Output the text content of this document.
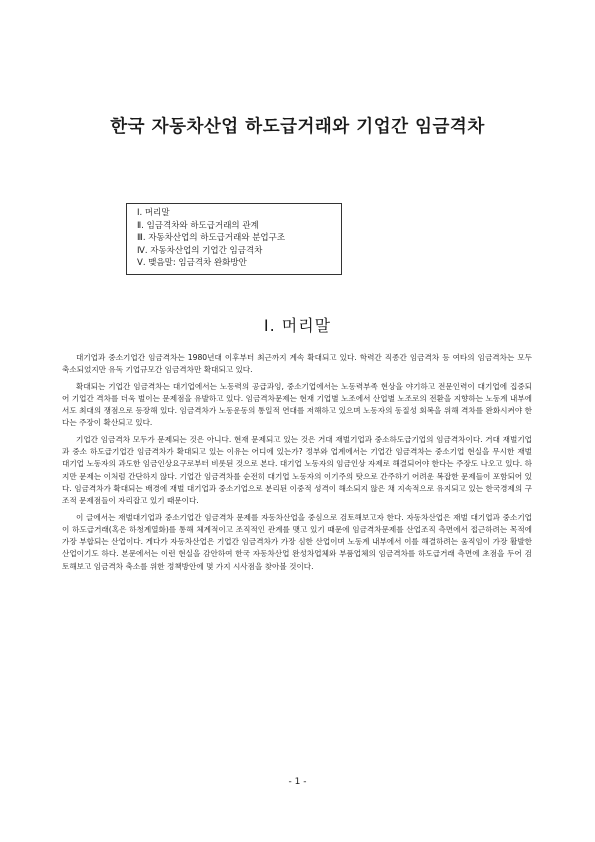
한국 자동차산업 하도급거래와 기업간 임금격차
Ⅰ. 머리말
Ⅱ. 임금격차와 하도급거래의 관계
Ⅲ. 자동차산업의 하도급거래와 분업구조
Ⅳ. 자동차산업의 기업간 임금격차
Ⅴ. 맺음말: 임금격차 완화방안
Ⅰ. 머리말

대기업과 중소기업간 임금격차는 1980년대 이후부터 최근까지 계속 확대되고 있다. 학력간 직종간 임금격차 등 여타의 임금격차는 모두 축소되었지만 유독 기업규모간 임금격차만 확대되고 있다.

확대되는 기업간 임금격차는 대기업에서는 노동력의 공급과잉, 중소기업에서는 노동력부족 현상을 야기하고 전문인력이 대기업에 집중되어 기업간 격차를 더욱 벌이는 문제점을 유발하고 있다. 임금격차문제는 현재 기업별 노조에서 산업별 노조로의 전환을 지향하는 노동계 내부에서도 최대의 쟁점으로 등장해 있다. 임금격차가 노동운동의 통일적 연대를 저해하고 있으며 노동자의 동질성 회복을 위해 격차를 완화시켜야 한다는 주장이 확산되고 있다.

기업간 임금격차 모두가 문제되는 것은 아니다. 현재 문제되고 있는 것은 거대 재벌기업과 중소하도급기업의 임금격차이다. 거대 재벌기업과 중소 하도급기업간 임금격차가 확대되고 있는 이유는 어디에 있는가? 정부와 업계에서는 기업간 임금격차는 중소기업 현실을 무시한 재벌 대기업 노동자의 과도한 임금인상요구로부터 비롯된 것으로 본다. 대기업 노동자의 임금인상 자제로 해결되어야 한다는 주장도 나오고 있다. 하지만 문제는 이처럼 간단하지 않다. 기업간 임금격차를 순전히 대기업 노동자의 이기주의 탓으로 간주하기 어려운 복잡한 문제들이 포함되어 있다. 임금격차가 확대되는 배경에 재벌 대기업과 중소기업으로 분리된 이중적 성격이 해소되지 않은 채 지속적으로 유지되고 있는 한국경제의 구조적 문제점들이 자리잡고 있기 때문이다.

이 글에서는 재벌대기업과 중소기업간 임금격차 문제를 자동차산업을 중심으로 검토해보고자 한다. 자동차산업은 재벌 대기업과 중소기업이 하도급거래(혹은 하청계열화)를 통해 체계적이고 조직적인 관계를 맺고 있기 때문에 임금격차문제를 산업조직 측면에서 접근하려는 목적에 가장 부합되는 산업이다. 게다가 자동차산업은 기업간 임금격차가 가장 심한 산업이며 노동계 내부에서 이를 해결하려는 움직임이 가장 활발한 산업이기도 하다. 본문에서는 이런 현실을 감안하여 한국 자동차산업 완성차업체와 부품업체의 임금격차를 하도급거래 측면에 초점을 두어 검토해보고 임금격차 축소를 위한 정책방안에 몇 가지 시사점을 찾아볼 것이다.

- 1 -
